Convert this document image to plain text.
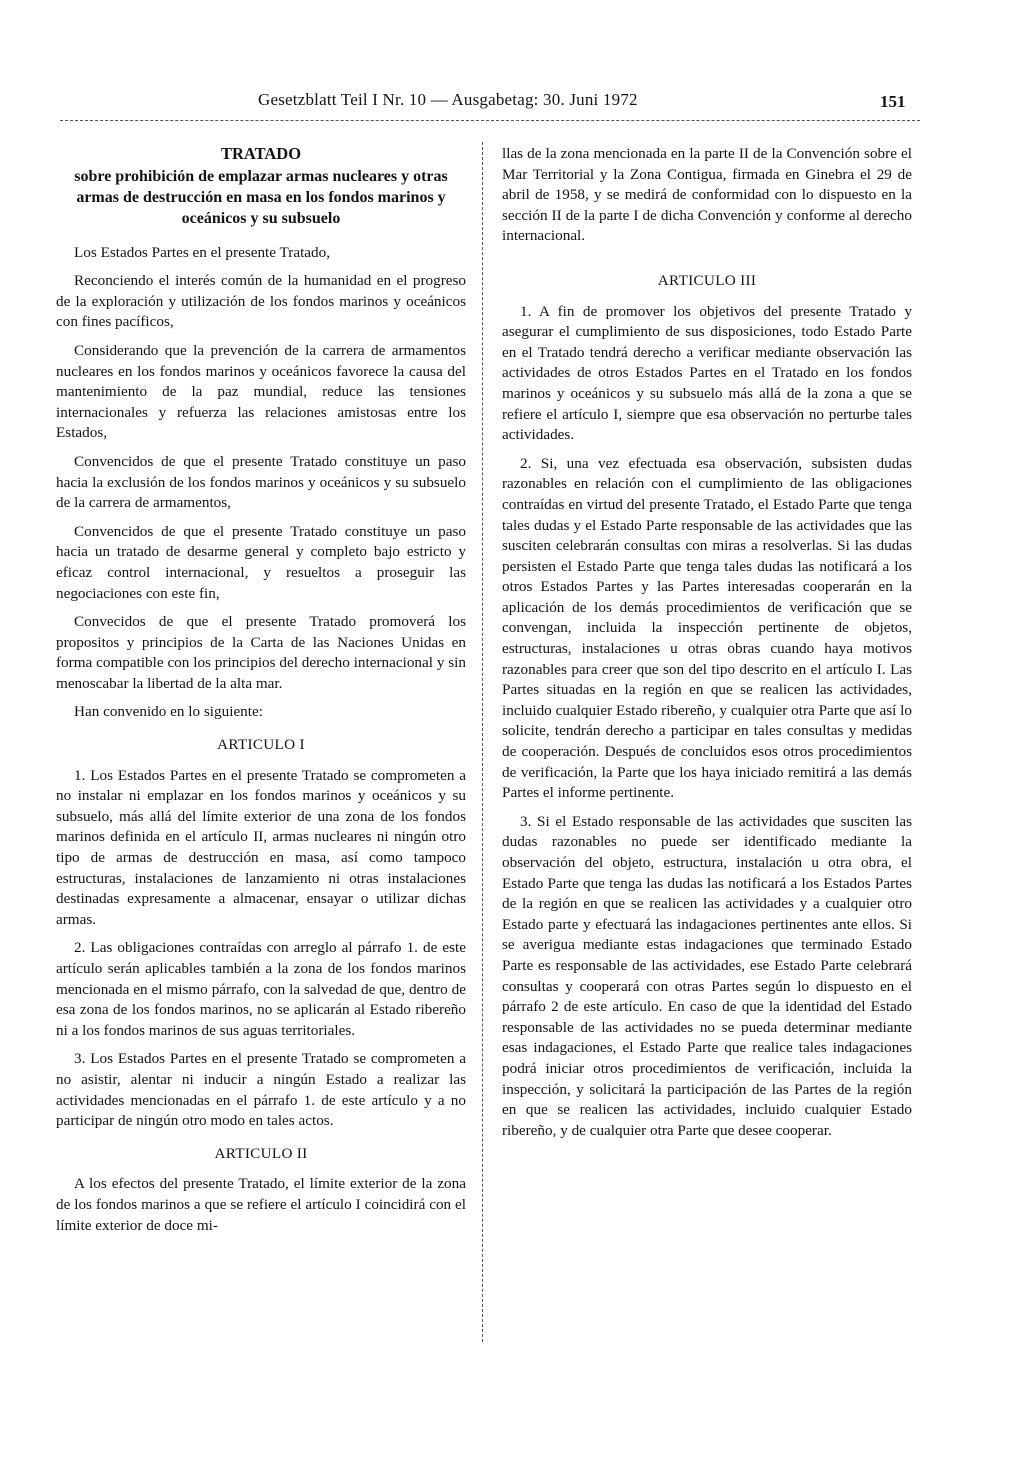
Gesetzblatt Teil I Nr. 10 — Ausgabetag: 30. Juni 1972	151
TRATADO
sobre prohibición de emplazar armas nucleares y otras armas de destrucción en masa en los fondos marinos y oceánicos y su subsuelo

Los Estados Partes en el presente Tratado,

Reconciendo el interés común de la humanidad en el progreso de la exploración y utilización de los fondos marinos y oceánicos con fines pacíficos,

Considerando que la prevención de la carrera de armamentos nucleares en los fondos marinos y oceánicos favorece la causa del mantenimiento de la paz mundial, reduce las tensiones internacionales y refuerza las relaciones amistosas entre los Estados,

Convencidos de que el presente Tratado constituye un paso hacia la exclusión de los fondos marinos y oceánicos y su subsuelo de la carrera de armamentos,

Convencidos de que el presente Tratado constituye un paso hacia un tratado de desarme general y completo bajo estricto y eficaz control internacional, y resueltos a proseguir las negociaciones con este fin,

Convecidos de que el presente Tratado promoverá los propositos y principios de la Carta de las Naciones Unidas en forma compatible con los principios del derecho internacional y sin menoscabar la libertad de la alta mar.

Han convenido en lo siguiente:

ARTICULO I

1. Los Estados Partes en el presente Tratado se comprometen a no instalar ni emplazar en los fondos marinos y oceánicos y su subsuelo, más allá del límite exterior de una zona de los fondos marinos definida en el artículo II, armas nucleares ni ningún otro tipo de armas de destrucción en masa, así como tampoco estructuras, instalaciones de lanzamiento ni otras instalaciones destinadas expresamente a almacenar, ensayar o utilizar dichas armas.

2. Las obligaciones contraídas con arreglo al párrafo 1. de este artículo serán aplicables también a la zona de los fondos marinos mencionada en el mismo párrafo, con la salvedad de que, dentro de esa zona de los fondos marinos, no se aplicarán al Estado ribereño ni a los fondos marinos de sus aguas territoriales.

3. Los Estados Partes en el presente Tratado se comprometen a no asistir, alentar ni inducir a ningún Estado a realizar las actividades mencionadas en el párrafo 1. de este artículo y a no participar de ningún otro modo en tales actos.

ARTICULO II

A los efectos del presente Tratado, el límite exterior de la zona de los fondos marinos a que se refiere el artículo I coincidirá con el límite exterior de doce mi-

llas de la zona mencionada en la parte II de la Convención sobre el Mar Territorial y la Zona Contigua, firmada en Ginebra el 29 de abril de 1958, y se medirá de conformidad con lo dispuesto en la sección II de la parte I de dicha Convención y conforme al derecho internacional.

ARTICULO III

1. A fin de promover los objetivos del presente Tratado y asegurar el cumplimiento de sus disposiciones, todo Estado Parte en el Tratado tendrá derecho a verificar mediante observación las actividades de otros Estados Partes en el Tratado en los fondos marinos y oceánicos y su subsuelo más allá de la zona a que se refiere el artículo I, siempre que esa observación no perturbe tales actividades.

2. Si, una vez efectuada esa observación, subsisten dudas razonables en relación con el cumplimiento de las obligaciones contraídas en virtud del presente Tratado, el Estado Parte que tenga tales dudas y el Estado Parte responsable de las actividades que las susciten celebrarán consultas con miras a resolverlas. Si las dudas persisten el Estado Parte que tenga tales dudas las notificará a los otros Estados Partes y las Partes interesadas cooperarán en la aplicación de los demás procedimientos de verificación que se convengan, incluida la inspección pertinente de objetos, estructuras, instalaciones u otras obras cuando haya motivos razonables para creer que son del tipo descrito en el artículo I. Las Partes situadas en la región en que se realicen las actividades, incluido cualquier Estado ribereño, y cualquier otra Parte que así lo solicite, tendrán derecho a participar en tales consultas y medidas de cooperación. Después de concluidos esos otros procedimientos de verificación, la Parte que los haya iniciado remitirá a las demás Partes el informe pertinente.

3. Si el Estado responsable de las actividades que susciten las dudas razonables no puede ser identificado mediante la observación del objeto, estructura, instalación u otra obra, el Estado Parte que tenga las dudas las notificará a los Estados Partes de la región en que se realicen las actividades y a cualquier otro Estado parte y efectuará las indagaciones pertinentes ante ellos. Si se averigua mediante estas indagaciones que terminado Estado Parte es responsable de las actividades, ese Estado Parte celebrará consultas y cooperará con otras Partes según lo dispuesto en el párrafo 2 de este artículo. En caso de que la identidad del Estado responsable de las actividades no se pueda determinar mediante esas indagaciones, el Estado Parte que realice tales indagaciones podrá iniciar otros procedimientos de verificación, incluida la inspección, y solicitará la participación de las Partes de la región en que se realicen las actividades, incluido cualquier Estado ribereño, y de cualquier otra Parte que desee cooperar.
